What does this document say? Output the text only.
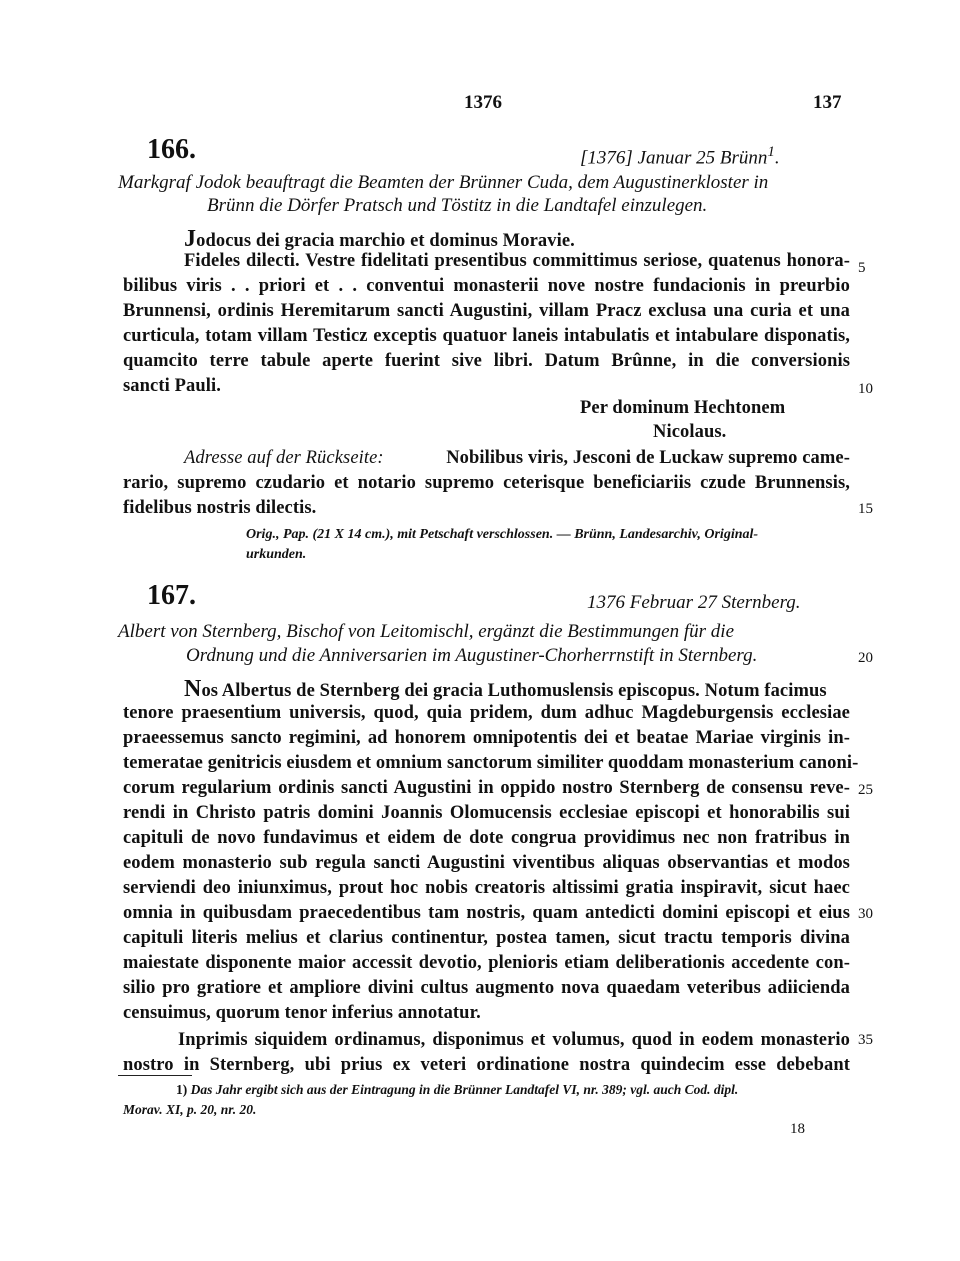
1376	137
166.	[1376] Januar 25 Brünn$^1$.
Markgraf Jodok beauftragt die Beamten der Brünner Cuda, dem Augustinerkloster in
Brünn die Dörfer Pratsch und Töstitz in die Landtafel einzulegen.
Jodocus dei gracia marchio et dominus Moravie.
Fideles dilecti. Vestre fidelitati presentibus committimus seriose, quatenus honora-
bilibus viris . . priori et . . conventui monasterii nove nostre fundacionis in preurbio
Brunnensi, ordinis Heremitarum sancti Augustini, villam Pracz exclusa una curia et una
curticula, totam villam Testicz exceptis quatuor laneis intabulatis et intabulare disponatis,
quamcito terre tabule aperte fuerint sive libri. Datum Brûnne, in die conversionis
sancti Pauli.
Per dominum Hechtonem
Nicolaus.
Adresse auf der Rückseite:
	Nobilibus viris, Jesconi de Luckaw supremo came-
rario, supremo czudario et notario supremo ceterisque beneficiariis czude Brunnensis,
fidelibus nostris dilectis.
Orig., Pap. (21 X 14 cm.), mit Petschaft verschlossen. — Brünn, Landesarchiv, Original-
urkunden.
167.	1376 Februar 27 Sternberg.
Albert von Sternberg, Bischof von Leitomischl, ergänzt die Bestimmungen für die
Ordnung und die Anniversarien im Augustiner-Chorherrnstift in Sternberg.
Nos Albertus de Sternberg dei gracia Luthomuslensis episcopus. Notum facimus
tenore praesentium universis, quod, quia pridem, dum adhuc Magdeburgensis ecclesiae
praeessemus sancto regimini, ad honorem omnipotentis dei et beatae Mariae virginis in-
temeratae genitricis eiusdem et omnium sanctorum similiter quoddam monasterium canoni-
corum regularium ordinis sancti Augustini in oppido nostro Sternberg de consensu reve-
rendi in Christo patris domini Joannis Olomucensis ecclesiae episcopi et honorabilis sui
capituli de novo fundavimus et eidem de dote congrua providimus nec non fratribus in
eodem monasterio sub regula sancti Augustini viventibus aliquas observantias et modos
serviendi deo iniunximus, prout hoc nobis creatoris altissimi gratia inspiravit, sicut haec
omnia in quibusdam praecedentibus tam nostris, quam antedicti domini episcopi et eius
capituli literis melius et clarius continentur, postea tamen, sicut tractu temporis divina
maiestate disponente maior accessit devotio, plenioris etiam deliberationis accedente con-
silio pro gratiore et ampliore divini cultus augmento nova quaedam veteribus adiicienda
censuimus, quorum tenor inferius annotatur.
Inprimis siquidem ordinamus, disponimus et volumus, quod in eodem monasterio
nostro in Sternberg, ubi prius ex veteri ordinatione nostra quindecim esse debebant
5
10
15
20
25
30
35
1) Das Jahr ergibt sich aus der Eintragung in die Brünner Landtafel VI, nr. 389; vgl. auch Cod. dipl.
Morav. XI, p. 20, nr. 20.
18
